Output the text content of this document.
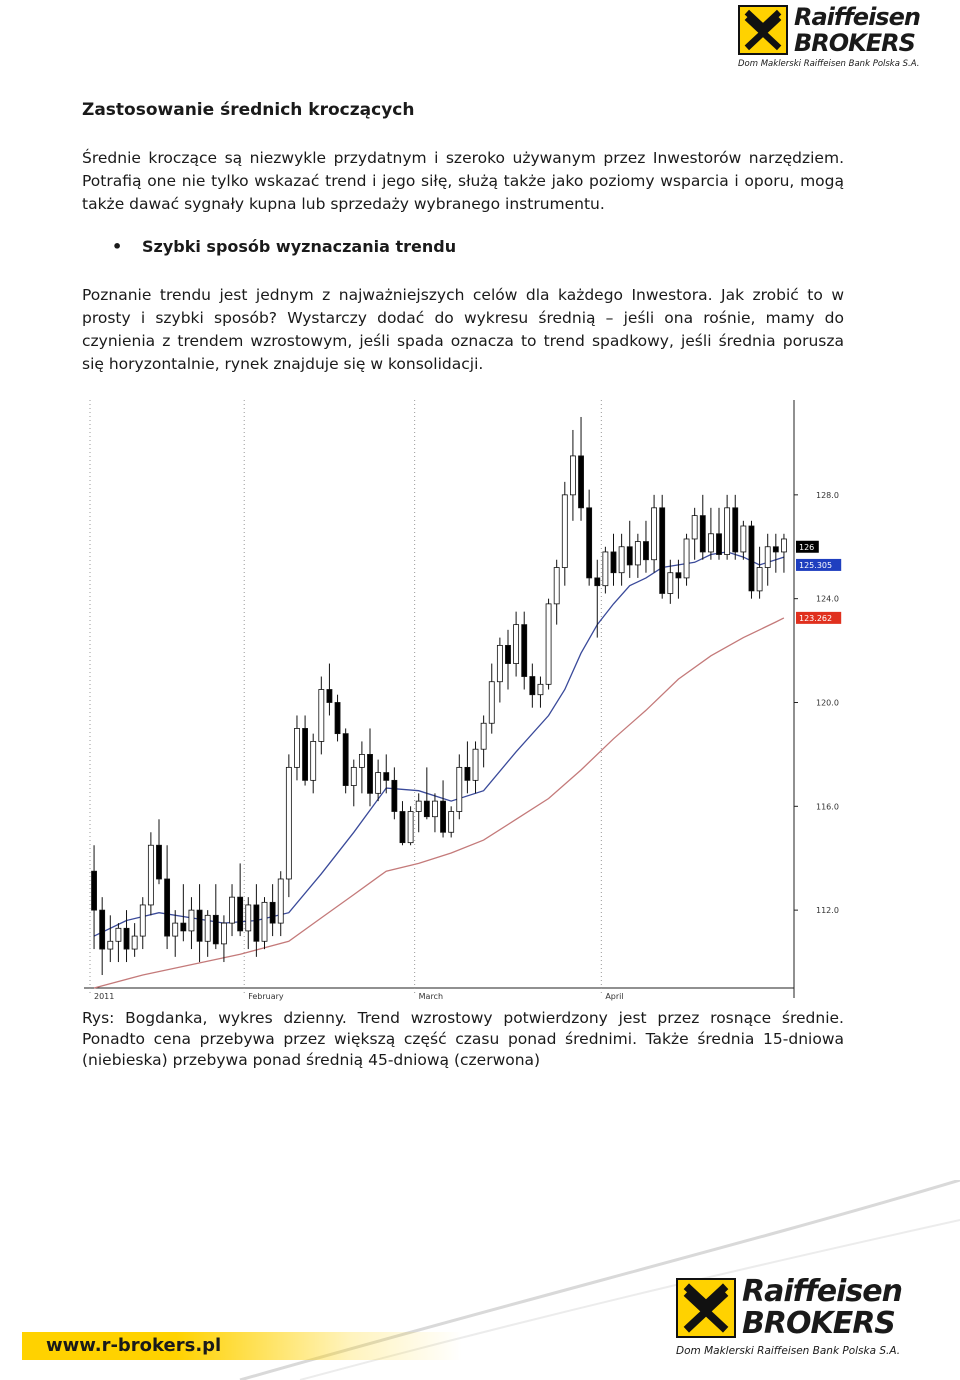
Raiffeisen
BROKERS
Dom Maklerski Raiffeisen Bank Polska S.A.
Zastosowanie średnich kroczących

Średnie kroczące są niezwykle przydatnym i szeroko używanym przez Inwestorów narzędziem. Potrafią one nie tylko wskazać trend i jego siłę, służą także jako poziomy wsparcia i oporu, mogą także dawać sygnały kupna lub sprzedaży wybranego instrumentu.

•	Szybki sposób wyznaczania trendu

Poznanie trendu jest jednym z najważniejszych celów dla każdego Inwestora. Jak zrobić to w prosty i szybki sposób? Wystarczy dodać do wykresu średnią – jeśli ona rośnie, mamy do czynienia z trendem wzrostowym, jeśli spada oznacza to trend spadkowy, jeśli średnia porusza się horyzontalnie, rynek znajduje się w konsolidacji.

2011	February	March	April
112.0
116.0
120.0
124.0
128.0
126
125.305
123.262

Rys: Bogdanka, wykres dzienny. Trend wzrostowy potwierdzony jest przez rosnące średnie. Ponadto cena przebywa przez większą część czasu ponad średnimi. Także średnia 15-dniowa (niebieska) przebywa ponad średnią 45-dniową (czerwona)

www.r-brokers.pl
Raiffeisen
BROKERS
Dom Maklerski Raiffeisen Bank Polska S.A.
